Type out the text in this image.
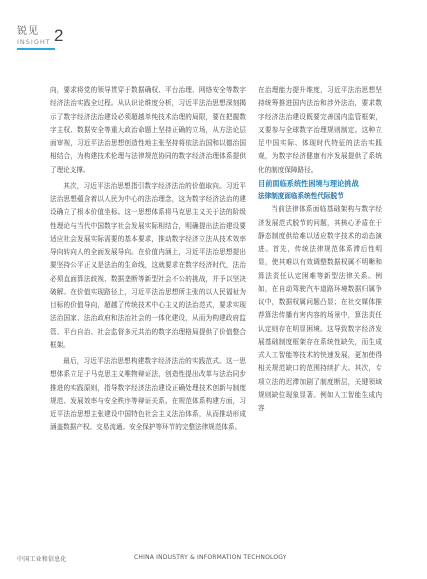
锐见
INSIGHT 2

向，要求将党的领导贯穿于数据确权、平台治理、网络安全等数字经济法治实践全过程。从认识论维度分析，习近平法治思想深刻揭示了数字经济法治建设必须超越单纯技术治理的局限，要在把握数字主权、数据安全等重大政治命题上坚持正确的立场，从方法论层面审视，习近平法治思想创造性地主张坚持将依法治国和以德治国相结合，为构建技术伦理与法律规范协同的数字经济治理体系提供了理论支撑。

其次，习近平法治思想指引数字经济法治的价值取向。习近平法治思想蕴含着以人民为中心的法治理念，这为数字经济法治的建设确立了根本价值坐标。这一思想体系将马克思主义关于法的阶级性理论与当代中国数字社会发展实际相结合，明确提出法治建设要适应社会发展实际需要的基本要求，推动数字经济立法从技术效率导向转向人的全面发展导向。在价值内涵上，习近平法治思想提出要坚持公平正义是法治的生命线，这就要求在数字经济时代，法治必须直面算法歧视、数据垄断等新型社会不公的挑战，并予以坚决破解。在价值实现路径上，习近平法治思想所主张的以人民福祉为目标的价值导向，超越了传统技术中心主义的法治范式，要求实现法治国家、法治政府和法治社会的一体化建设，从而为构建政府监管、平台自治、社会监督多元共治的数字治理格局提供了价值整合框架。

最后，习近平法治思想构建数字经济法治的实践范式。这一思想体系立足于马克思主义唯物辩证法，创造性提出改革与法治同步推进的实践原则，指导数字经济法治建设正确处理技术创新与制度规范、发展效率与安全秩序等辩证关系。在规范体系构建方面，习近平法治思想主张建设中国特色社会主义法治体系，从而推动形成涵盖数据产权、交易流通、安全保护等环节的完整法律规范体系。

在治理能力提升维度，习近平法治思想坚持统筹推进国内法治和涉外法治，要求数字经济法治建设既要完善国内监管框架，又要参与全球数字治理规则制定。这种立足中国实际、体现时代特征的法治实践观，为数字经济健康有序发展提供了系统化的制度保障路径。

目前面临系统性困境与理论挑战

法律制度面临系统性代际脱节

当前法律体系面临基础架构与数字经济发展范式脱节的问题，其核心矛盾在于静态制度供给难以适应数字技术的动态演进。首先，传统法律规范体系滞后性明显，使其难以有效调整数据权属不明晰和算法责任认定困难等新型法律关系。例如，在自动驾驶汽车道路环境数据归属争议中，数据权属问题凸显；在社交媒体推荐算法传播有害内容的场景中，算法责任认定则存在明显困境。这导致数字经济发展基础制度框架存在系统性缺失，而生成式人工智能等技术的快速发展，更加使得相关规范缺口的范围持续扩大。其次，专项立法的迟滞加剧了制度断层，关键领域规则缺位现象显著。例如人工智能生成内容

中国工业和信息化	CHINA INDUSTRY & INFORMATION TECHNOLOGY
